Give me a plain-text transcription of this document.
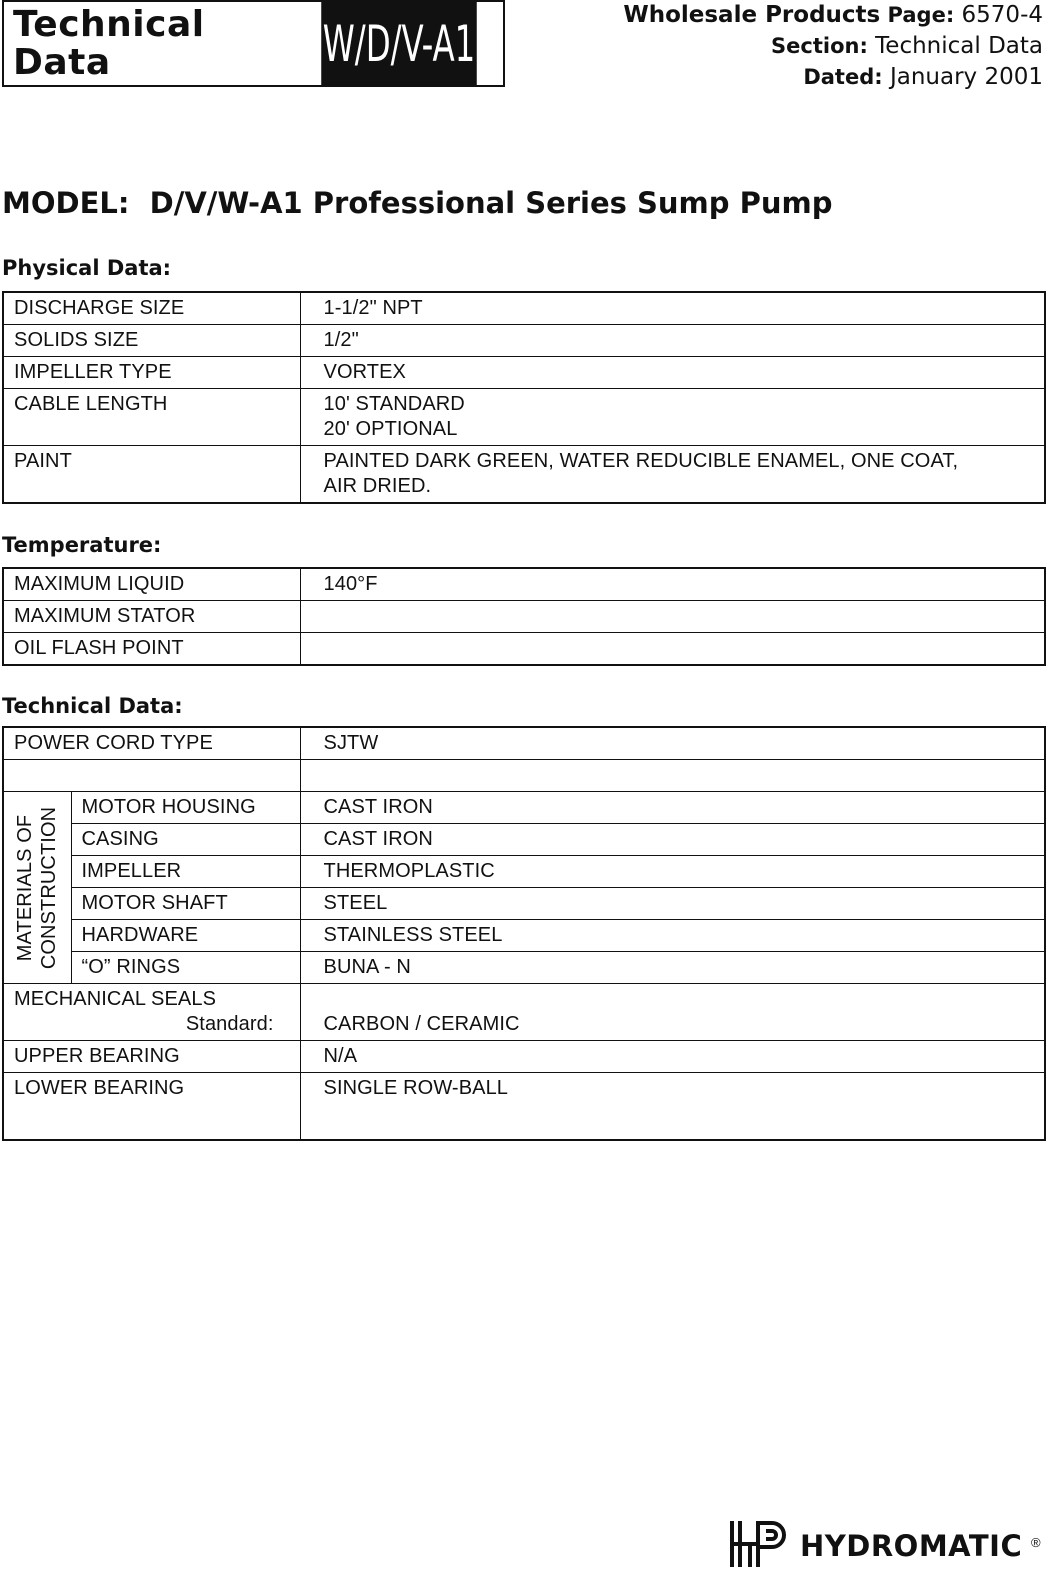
Technical
Data	W/D/V-A1	Wholesale Products Page: 6570-4
Section: Technical Data
Dated: January 2001
MODEL:  D/V/W-A1 Professional Series Sump Pump
Physical Data:
DISCHARGE SIZE	1-1/2" NPT
SOLIDS SIZE	1/2"
IMPELLER TYPE	VORTEX
CABLE LENGTH	10' STANDARD
20' OPTIONAL

PAINT	PAINTED DARK GREEN, WATER REDUCIBLE ENAMEL, ONE COAT,
AIR DRIED.
Temperature:
MAXIMUM LIQUID	140°F
MAXIMUM STATOR	
OIL FLASH POINT	
Technical Data:
POWER CORD TYPE		SJTW

MATERIALS OF CONSTRUCTION	MOTOR HOUSING	CAST IRON
	CASING	CAST IRON
	IMPELLER	THERMOPLASTIC
	MOTOR SHAFT	STEEL
	HARDWARE	STAINLESS STEEL
	“O” RINGS	BUNA - N

MECHANICAL SEALS
Standard:		CARBON / CERAMIC
UPPER BEARING		N/A
LOWER BEARING		SINGLE ROW-BALL
HYDROMATIC ®
